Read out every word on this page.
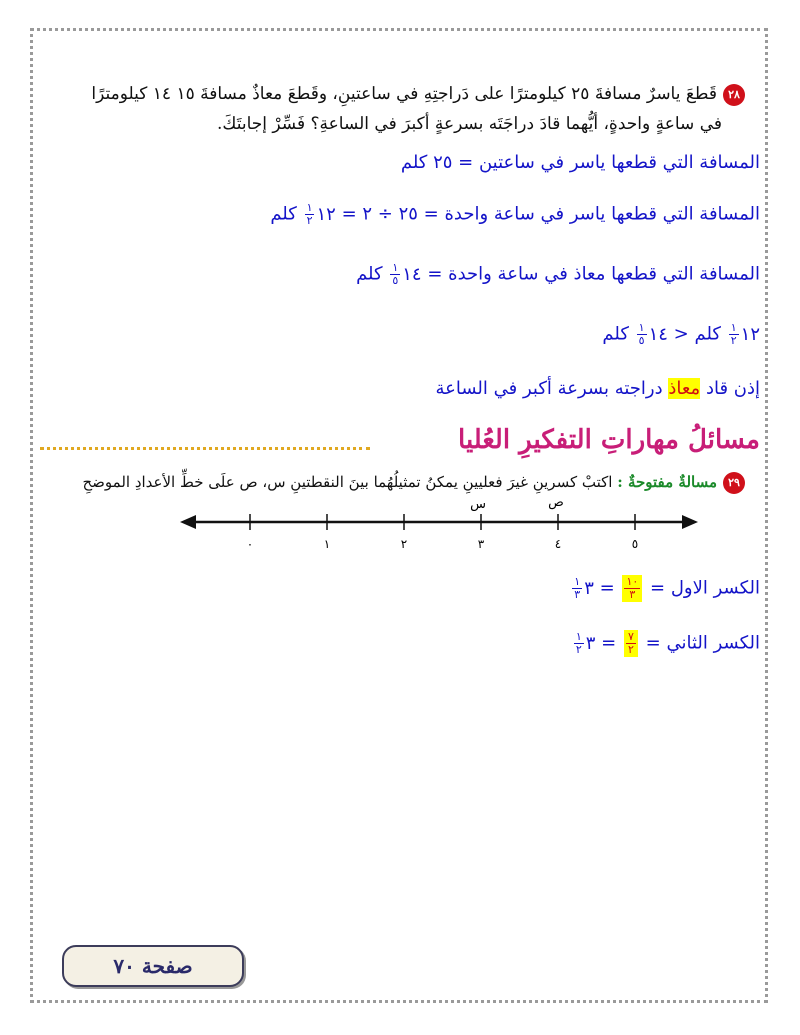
٢٨قَطعَ ياسرٌ مسافةَ ٢٥ كيلومترًا على دَراجتِهِ في ساعتينِ، وقَطعَ معاذٌ مسافةَ ١٥ ١٤ كيلومترًا
في ساعةٍ واحدةٍ، أيُّهما قادَ دراجَتَه بسرعةٍ أكبرَ في الساعةِ؟ فَسِّرْ إجابتَكَ.
المسافة التي قطعها ياسر في ساعتين = ٢٥ كلم
المسافة التي قطعها ياسر في ساعة واحدة = ٢٥ ÷ ٢ = ١٢
$\frac{١}{٢}$
كلم
المسافة التي قطعها معاذ في ساعة واحدة = ١٤
$\frac{١}{٥}$
كلم
١٢
$\frac{١}{٢}$
كلم < ١٤
$\frac{١}{٥}$
كلم
إذن قاد معاذ دراجته بسرعة أكبر في الساعة
مسائلُ مهاراتِ التفكيرِ العُليا
٢٩مسالةٌ مفتوحةٌ : اكتبْ كسرينِ غيرَ فعليينِ يمكنُ تمثيلُهُما بينَ النقطتينِ س، ص علَى خطِّ الأعدادِ الموضحِ
٠	١	٢	٣	٤	٥
س	ص
الكسر الاول =
$\frac{١٠}{٣}$
= ٣
$\frac{١}{٣}$
الكسر الثاني =
$\frac{٧}{٢}$
= ٣
$\frac{١}{٢}$
صفحة ٧٠
